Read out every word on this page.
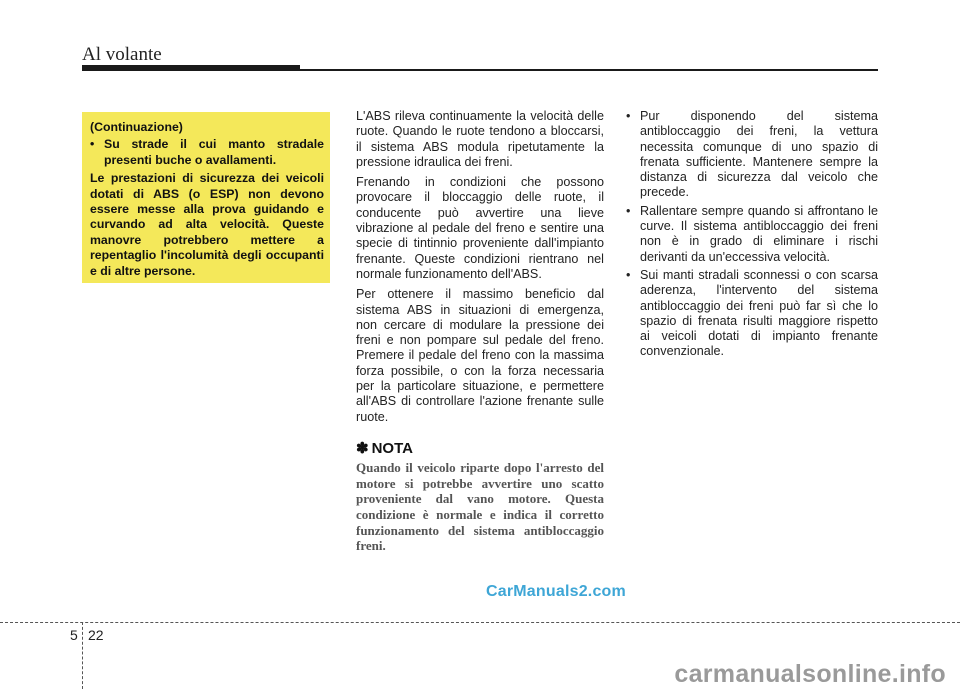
Al volante
(Continuazione)
• Su strade il cui manto stradale presenti buche o avallamenti.
Le prestazioni di sicurezza dei veicoli dotati di ABS (o ESP) non devono essere messe alla prova guidando e curvando ad alta velocità. Queste manovre potrebbero mettere a repentaglio l'incolumità degli occupanti e di altre persone.

L'ABS rileva continuamente la velocità delle ruote. Quando le ruote tendono a bloccarsi, il sistema ABS modula ripetutamente la pressione idraulica dei freni.

Frenando in condizioni che possono provocare il bloccaggio delle ruote, il conducente può avvertire una lieve vibrazione al pedale del freno e sentire una specie di tintinnio proveniente dall'impianto frenante. Queste condizioni rientrano nel normale funzionamento dell'ABS.

Per ottenere il massimo beneficio dal sistema ABS in situazioni di emergenza, non cercare di modulare la pressione dei freni e non pompare sul pedale del freno. Premere il pedale del freno con la massima forza possibile, o con la forza necessaria per la particolare situazione, e permettere all'ABS di controllare l'azione frenante sulle ruote.

✽ NOTA

Quando il veicolo riparte dopo l'arresto del motore si potrebbe avvertire uno scatto proveniente dal vano motore. Questa condizione è normale e indica il corretto funzionamento del sistema antibloccaggio freni.

• Pur disponendo del sistema antibloccaggio dei freni, la vettura necessita comunque di uno spazio di frenata sufficiente. Mantenere sempre la distanza di sicurezza dal veicolo che precede.
• Rallentare sempre quando si affrontano le curve. Il sistema antibloccaggio dei freni non è in grado di eliminare i rischi derivanti da un'eccessiva velocità.
• Sui manti stradali sconnessi o con scarsa aderenza, l'intervento del sistema antibloccaggio dei freni può far sì che lo spazio di frenata risulti maggiore rispetto ai veicoli dotati di impianto frenante convenzionale.
CarManuals2.com
5 22
carmanualsonline.info
